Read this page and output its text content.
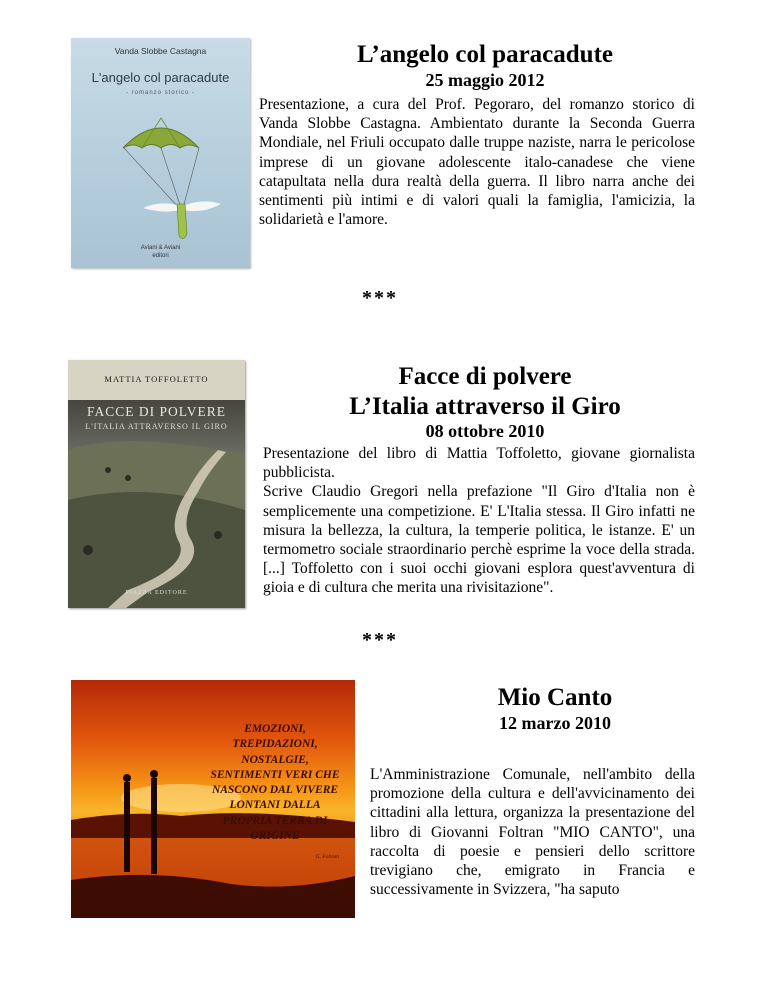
Vanda Slobbe Castagna
L'angelo col paracadute
- romanzo storico -
Aviani & Aviani
editori
L’angelo col paracadute
25 maggio 2012

Presentazione, a cura del Prof. Pegoraro, del romanzo storico di Vanda Slobbe Castagna. Ambientato durante la Seconda Guerra Mondiale, nel Friuli occupato dalle truppe naziste, narra le pericolose imprese di un giovane adolescente italo-canadese che viene catapultata nella dura realtà della guerra. Il libro narra anche dei sentimenti più intimi e di valori quali la famiglia, l'amicizia, la solidarietà e l'amore.

***
MATTIA TOFFOLETTO
FACCE DI POLVERE
L'ITALIA ATTRAVERSO IL GIRO
PIAZZA EDITORE
Facce di polvere
L’Italia attraverso il Giro
08 ottobre 2010

Presentazione del libro di Mattia Toffoletto, giovane giornalista pubblicista.

Scrive Claudio Gregori nella prefazione "Il Giro d'Italia non è semplicemente una competizione. E' L'Italia stessa. Il Giro infatti ne misura la bellezza, la cultura, la temperie politica, le istanze. E' un termometro sociale straordinario perchè esprime la voce della strada. [...] Toffoletto con i suoi occhi giovani esplora quest'avventura di gioia e di cultura che merita una rivisitazione".

***
EMOZIONI, TREPIDAZIONI, NOSTALGIE, SENTIMENTI VERI CHE NASCONO DAL VIVERE LONTANI DALLA PROPRIA TERRA DI ORIGINE
G. Foltran
Mio Canto
12 marzo 2010

L'Amministrazione Comunale, nell'ambito della promozione della cultura e dell'avvicinamento dei cittadini alla lettura, organizza la presentazione del libro di Giovanni Foltran "MIO CANTO", una raccolta di poesie e pensieri dello scrittore trevigiano che, emigrato in Francia e successivamente in Svizzera, "ha saputo
